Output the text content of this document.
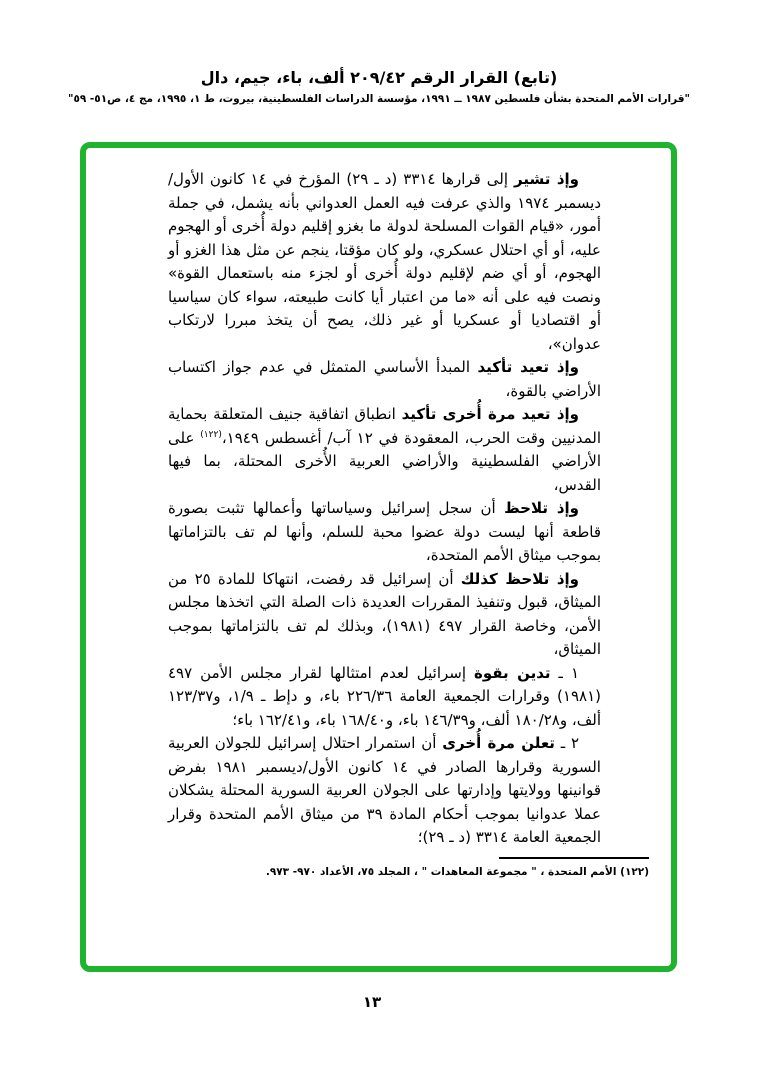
(تابع) القرار الرقم ٢٠٩/٤٢ ألف، باء، جيم، دال
"قرارات الأمم المتحدة بشأن فلسطين ١٩٨٧ ــ ١٩٩١، مؤسسة الدراسات الفلسطينية، بيروت، ط ١، ١٩٩٥، مج ٤، ص٥١- ٥٩"

وإذ تشير إلى قرارها ٣٣١٤ (د ـ ٢٩) المؤرخ في ١٤ كانون الأول/ديسمبر ١٩٧٤ والذي عرفت فيه العمل العدواني بأنه يشمل، في جملة أمور، «قيام القوات المسلحة لدولة ما بغزو إقليم دولة أُخرى أو الهجوم عليه، أو أي احتلال عسكري، ولو كان مؤقتا، ينجم عن مثل هذا الغزو أو الهجوم، أو أي ضم لإقليم دولة أُخرى أو لجزء منه باستعمال القوة» ونصت فيه على أنه «ما من اعتبار أيا كانت طبيعته، سواء كان سياسيا أو اقتصاديا أو عسكريا أو غير ذلك، يصح أن يتخذ مبررا لارتكاب عدوان»،

وإذ تعيد تأكيد المبدأ الأساسي المتمثل في عدم جواز اكتساب الأراضي بالقوة،

وإذ تعيد مرة أُخرى تأكيد انطباق اتفاقية جنيف المتعلقة بحماية المدنيين وقت الحرب، المعقودة في ١٢ آب/ أغسطس ١٩٤٩،$^{(١٢٢)}$ على الأراضي الفلسطينية والأراضي العربية الأُخرى المحتلة، بما فيها القدس،

وإذ تلاحظ أن سجل إسرائيل وسياساتها وأعمالها تثبت بصورة قاطعة أنها ليست دولة عضوا محبة للسلم، وأنها لم تف بالتزاماتها بموجب ميثاق الأمم المتحدة،

وإذ تلاحظ كذلك أن إسرائيل قد رفضت، انتهاكا للمادة ٢٥ من الميثاق، قبول وتنفيذ المقررات العديدة ذات الصلة التي اتخذها مجلس الأمن، وخاصة القرار ٤٩٧ (١٩٨١)، وبذلك لم تف بالتزاماتها بموجب الميثاق،

١ ـ تدين بقوة إسرائيل لعدم امتثالها لقرار مجلس الأمن ٤٩٧ (١٩٨١) وقرارات الجمعية العامة ٢٢٦/٣٦ باء، و دإط ـ ١/٩، و١٢٣/٣٧ ألف، و١٨٠/٢٨ ألف، و١٤٦/٣٩ باء، و١٦٨/٤٠ باء، و١٦٢/٤١ باء؛

٢ ـ تعلن مرة أُخرى أن استمرار احتلال إسرائيل للجولان العربية السورية وقرارها الصادر في ١٤ كانون الأول/ديسمبر ١٩٨١ بفرض قوانينها وولايتها وإدارتها على الجولان العربية السورية المحتلة يشكلان عملا عدوانيا بموجب أحكام المادة ٣٩ من ميثاق الأمم المتحدة وقرار الجمعية العامة ٣٣١٤ (د ـ ٢٩)؛

(١٢٢) الأمم المتحدة ، " مجموعة المعاهدات " ، المجلد ٧٥، الأعداد ٩٧٠- ٩٧٣.
١٣
